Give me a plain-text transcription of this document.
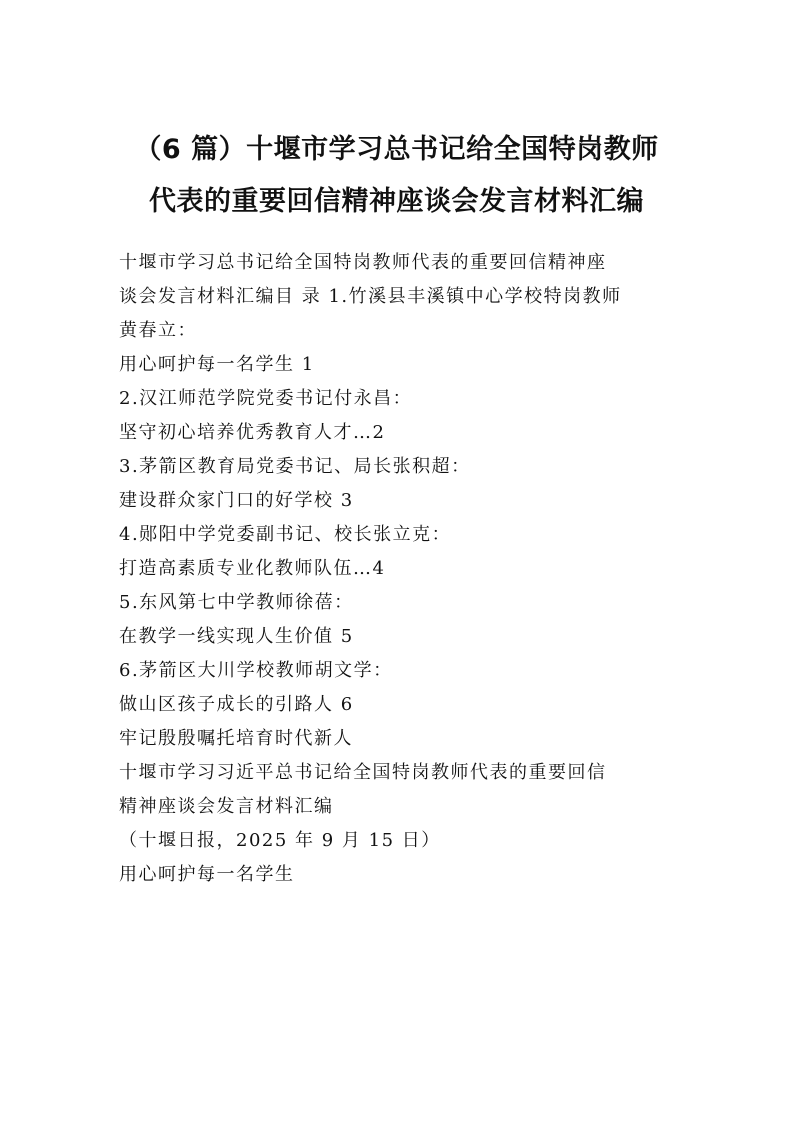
（6 篇）十堰市学习总书记给全国特岗教师
代表的重要回信精神座谈会发言材料汇编

十堰市学习总书记给全国特岗教师代表的重要回信精神座

谈会发言材料汇编目 录 1.竹溪县丰溪镇中心学校特岗教师

黄春立：

用心呵护每一名学生 1

2.汉江师范学院党委书记付永昌：

坚守初心培养优秀教育人才…2

3.茅箭区教育局党委书记、局长张积超：

建设群众家门口的好学校 3

4.郧阳中学党委副书记、校长张立克：

打造高素质专业化教师队伍…4

5.东风第七中学教师徐蓓：

在教学一线实现人生价值 5

6.茅箭区大川学校教师胡文学：

做山区孩子成长的引路人 6

牢记殷殷嘱托培育时代新人

十堰市学习习近平总书记给全国特岗教师代表的重要回信

精神座谈会发言材料汇编

（十堰日报，2025 年 9 月 15 日）

用心呵护每一名学生
